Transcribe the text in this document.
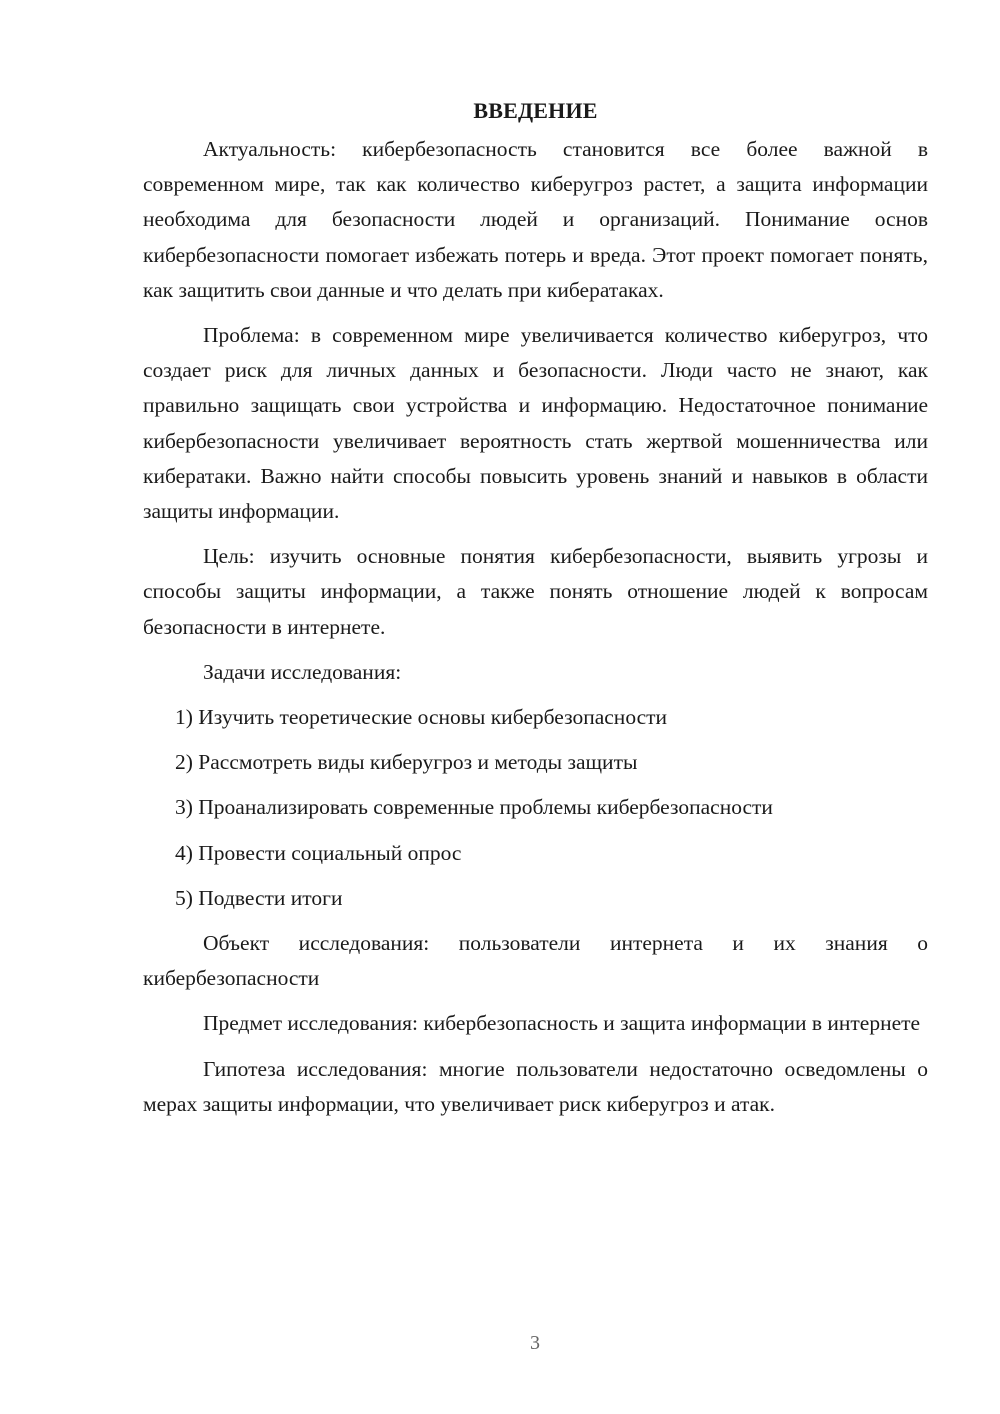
ВВЕДЕНИЕ

Актуальность: кибербезопасность становится все более важной в современном мире, так как количество киберугроз растет, а защита информации необходима для безопасности людей и организаций. Понимание основ кибербезопасности помогает избежать потерь и вреда. Этот проект помогает понять, как защитить свои данные и что делать при кибератаках.

Проблема: в современном мире увеличивается количество киберугроз, что создает риск для личных данных и безопасности. Люди часто не знают, как правильно защищать свои устройства и информацию. Недостаточное понимание кибербезопасности увеличивает вероятность стать жертвой мошенничества или кибератаки. Важно найти способы повысить уровень знаний и навыков в области защиты информации.

Цель: изучить основные понятия кибербезопасности, выявить угрозы и способы защиты информации, а также понять отношение людей к вопросам безопасности в интернете.

Задачи исследования:

1) Изучить теоретические основы кибербезопасности
2) Рассмотреть виды киберугроз и методы защиты
3) Проанализировать современные проблемы кибербезопасности
4) Провести социальный опрос
5) Подвести итоги

Объект исследования: пользователи интернета и их знания о кибербезопасности

Предмет исследования: кибербезопасность и защита информации в интернете

Гипотеза исследования: многие пользователи недостаточно осведомлены о мерах защиты информации, что увеличивает риск киберугроз и атак.

3
